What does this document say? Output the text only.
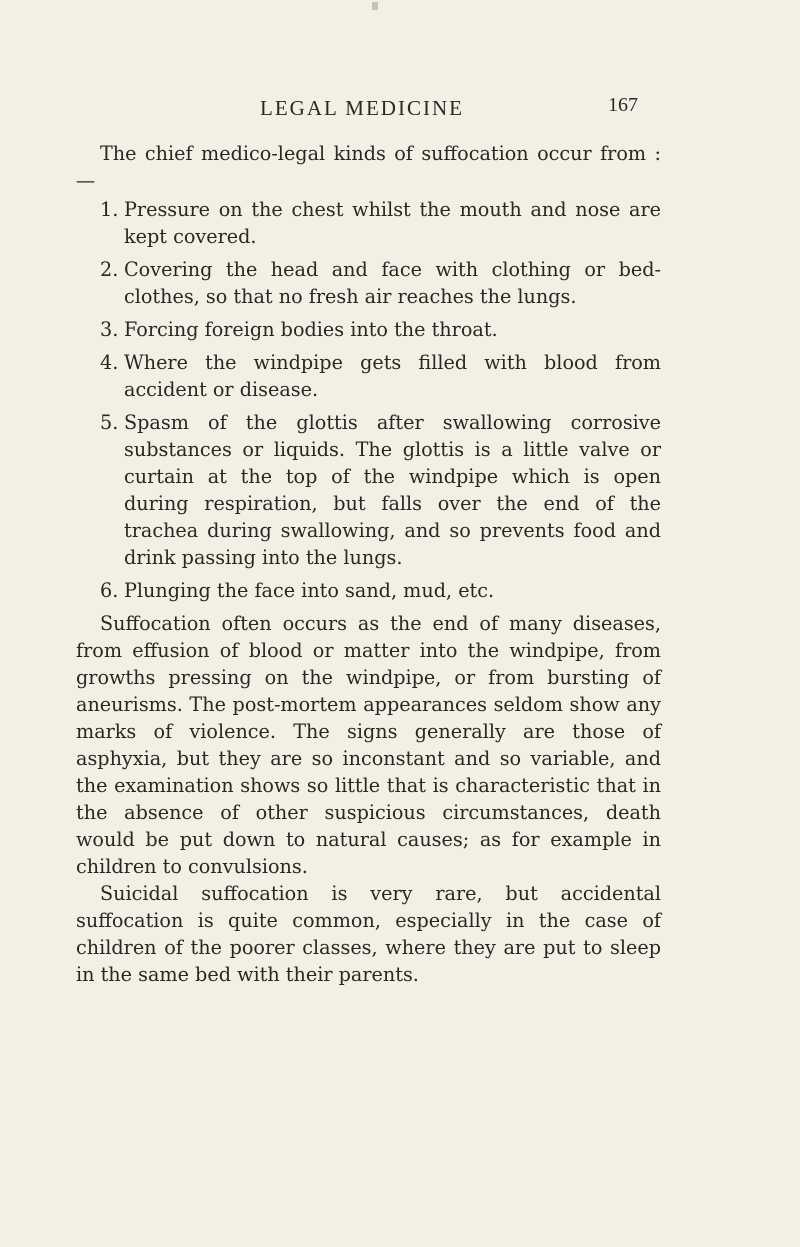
LEGAL MEDICINE	167

The chief medico-legal kinds of suffocation occur from :—

1. Pressure on the chest whilst the mouth and nose are kept covered.
2. Covering the head and face with clothing or bed-clothes, so that no fresh air reaches the lungs.
3. Forcing foreign bodies into the throat.
4. Where the windpipe gets filled with blood from accident or disease.
5. Spasm of the glottis after swallowing corrosive substances or liquids. The glottis is a little valve or curtain at the top of the windpipe which is open during respiration, but falls over the end of the trachea during swallowing, and so prevents food and drink passing into the lungs.
6. Plunging the face into sand, mud, etc.

Suffocation often occurs as the end of many diseases, from effusion of blood or matter into the windpipe, from growths pressing on the windpipe, or from bursting of aneurisms. The post-mortem appearances seldom show any marks of violence. The signs generally are those of asphyxia, but they are so inconstant and so variable, and the examination shows so little that is characteristic that in the absence of other suspicious circumstances, death would be put down to natural causes; as for example in children to convulsions.

Suicidal suffocation is very rare, but accidental suffocation is quite common, especially in the case of children of the poorer classes, where they are put to sleep in the same bed with their parents.
